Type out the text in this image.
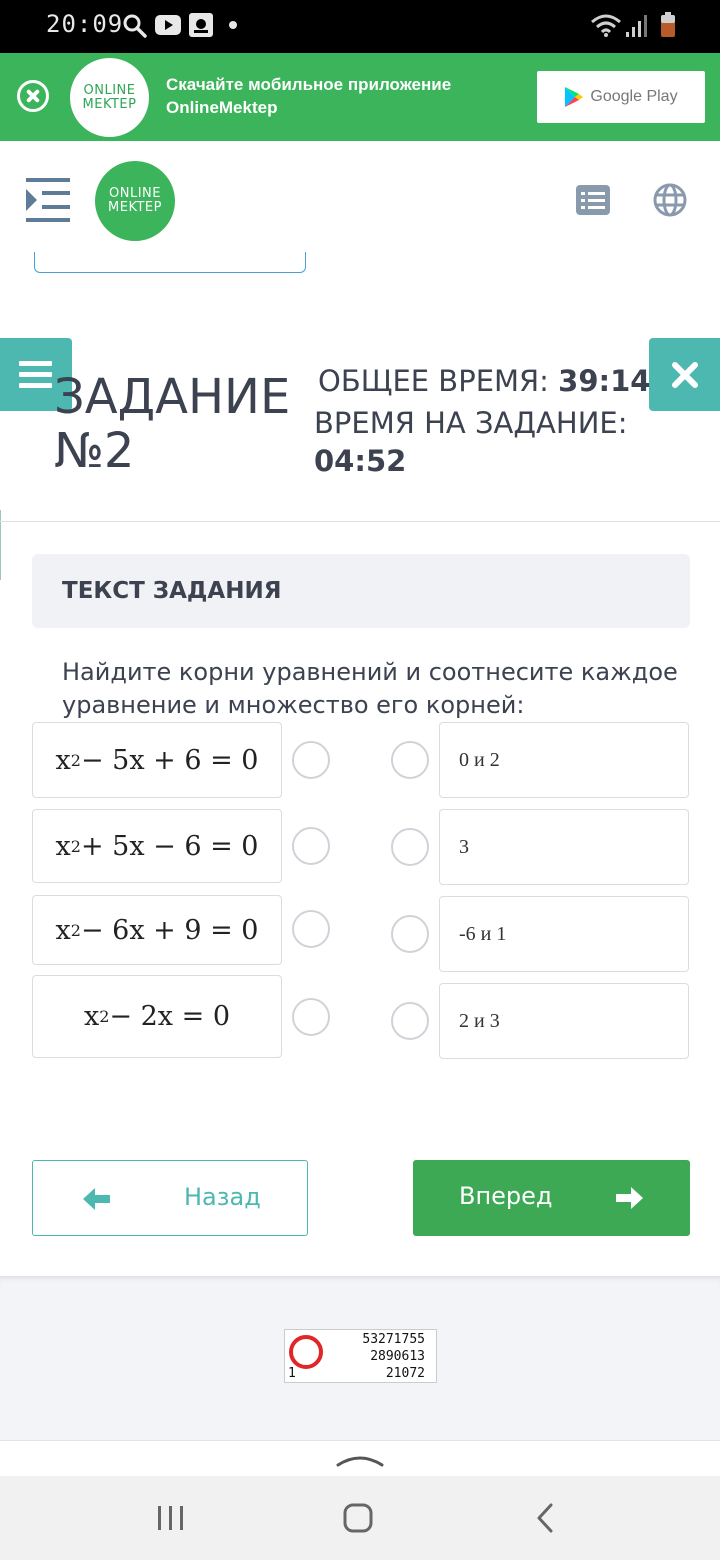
20:09
ONLINE
MEKTEP
Скачайте мобильное приложение
OnlineMektep
Google Play
ONLINE
MEKTEP
ЗАДАНИЕ
№2
ОБЩЕЕ ВРЕМЯ: 39:14
ВРЕМЯ НА ЗАДАНИЕ:
04:52
ТЕКСТ ЗАДАНИЯ
Найдите корни уравнений и соотнесите каждое уравнение и множество его корней:
x 2 − 5x + 6 = 0
x 2 + 5x − 6 = 0
x 2 − 6x + 9 = 0
x 2 − 2x = 0
0 и 2
3
-6 и 1
2 и 3
Назад	Вперед
53271755
2890613
1	21072
